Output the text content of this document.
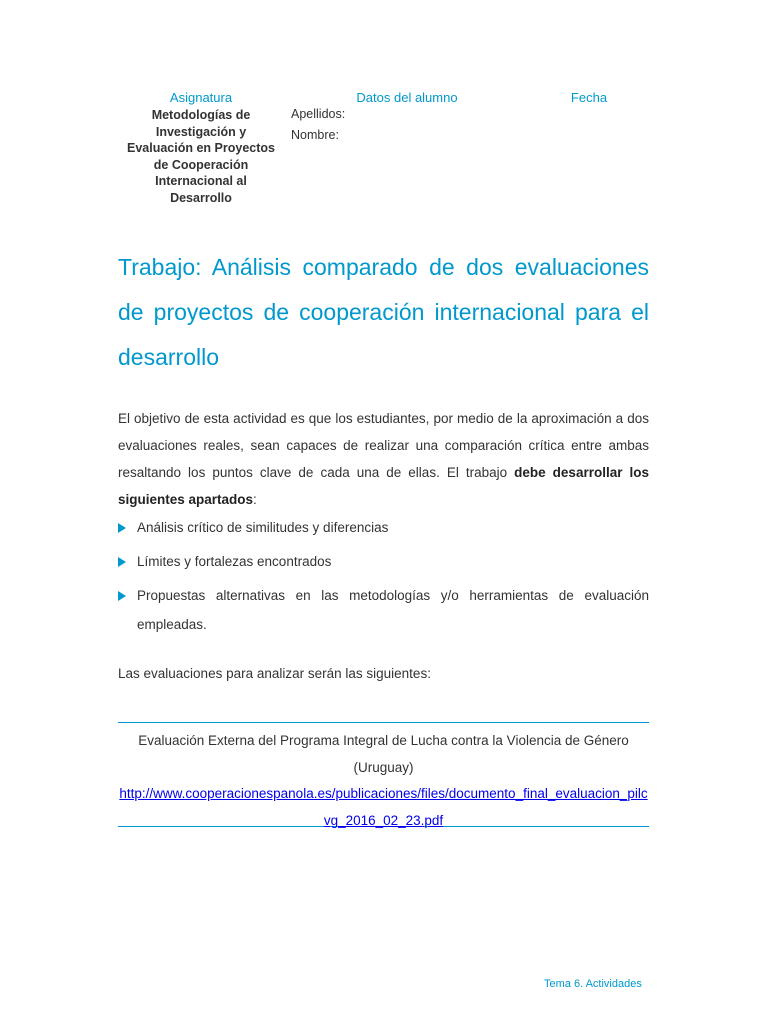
Asignatura	Datos del alumno	Fecha
Metodologías de
Investigación y
Evaluación en Proyectos
de Cooperación
Internacional al
Desarrollo
Apellidos:
Nombre:
Trabajo: Análisis comparado de dos evaluaciones de proyectos de cooperación internacional para el desarrollo
El objetivo de esta actividad es que los estudiantes, por medio de la aproximación a dos evaluaciones reales, sean capaces de realizar una comparación crítica entre ambas resaltando los puntos clave de cada una de ellas. El trabajo debe desarrollar los siguientes apartados:
Análisis crítico de similitudes y diferencias
Límites y fortalezas encontrados
Propuestas alternativas en las metodologías y/o herramientas de evaluación empleadas.
Las evaluaciones para analizar serán las siguientes:
Evaluación Externa del Programa Integral de Lucha contra la Violencia de Género (Uruguay)
http://www.cooperacionespanola.es/publicaciones/files/documento_final_evaluacion_pilcvg_2016_02_23.pdf
Tema 6. Actividades
